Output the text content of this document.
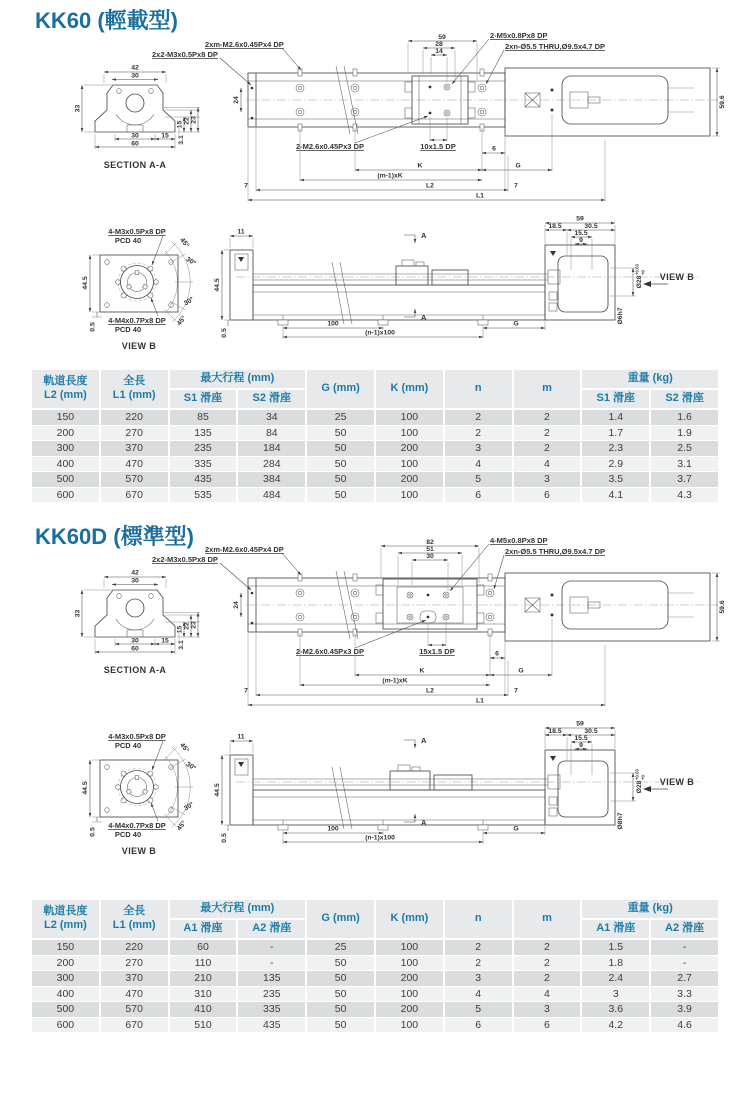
KK60 (輕載型)
42
30
33
15 22 23
30	15
60	3.1
SECTION A-A
59.6
24
59
28
14
2xm-M2.6x0.45Px4 DP
2x2-M3x0.5Px8 DP
2-M5x0.8Px8 DP
2xn-Ø5.5 THRU,Ø9.5x4.7 DP
2-M2.6x0.45Px3 DP	10x1.5 DP	6
K	G
(m-1)xK
L2
7	7
L1
4-M3x0.5Px8 DP
PCD 40	45°
30°
30°
45°
44.5
0.5
4-M4x0.7Px8 DP
PCD 40
VIEW B
11
44.5
0.5
A
A
100	G
(n-1)x100
59
18.5	30.5
15.5
9
Ø28
+0.03 +0
Ø6h7
VIEW B
軌道長度
L2 (mm)

全長
L1 (mm)
	最大行程 (mm)	G (mm)	K (mm)	n	m	重量 (kg)
		S1 滑座	S2 滑座					S1 滑座	S2 滑座
150	220	85	34	25	100	2	2	1.4	1.6
200	270	135	84	50	100	2	2	1.7	1.9
300	370	235	184	50	200	3	2	2.3	2.5
400	470	335	284	50	100	4	4	2.9	3.1
500	570	435	384	50	200	5	3	3.5	3.7
600	670	535	484	50	100	6	6	4.1	4.3
KK60D (標準型)
42
30
33
15 22 23
30	15
60	3.1
SECTION A-A
59.6
24
82
51
30
2xm-M2.6x0.45Px4 DP
2x2-M3x0.5Px8 DP
4-M5x0.8Px8 DP
2xn-Ø5.5 THRU,Ø9.5x4.7 DP
2-M2.6x0.45Px3 DP	15x1.5 DP	6
K	G
(m-1)xK
L2
7	7
L1
4-M3x0.5Px8 DP
PCD 40	45°
30°
30°
45°
44.5
0.5
4-M4x0.7Px8 DP
PCD 40
VIEW B
11
44.5
0.5
A
A
100	G
(n-1)x100
59
18.5	30.5
15.5
9
Ø28
+0.03 +0
Ø8h7
VIEW B
軌道長度
L2 (mm)

全長
L1 (mm)
	最大行程 (mm)	G (mm)	K (mm)	n	m	重量 (kg)
		A1 滑座	A2 滑座					A1 滑座	A2 滑座
150	220	60	-	25	100	2	2	1.5	-
200	270	110	-	50	100	2	2	1.8	-
300	370	210	135	50	200	3	2	2.4	2.7
400	470	310	235	50	100	4	4	3	3.3
500	570	410	335	50	200	5	3	3.6	3.9
600	670	510	435	50	100	6	6	4.2	4.6
